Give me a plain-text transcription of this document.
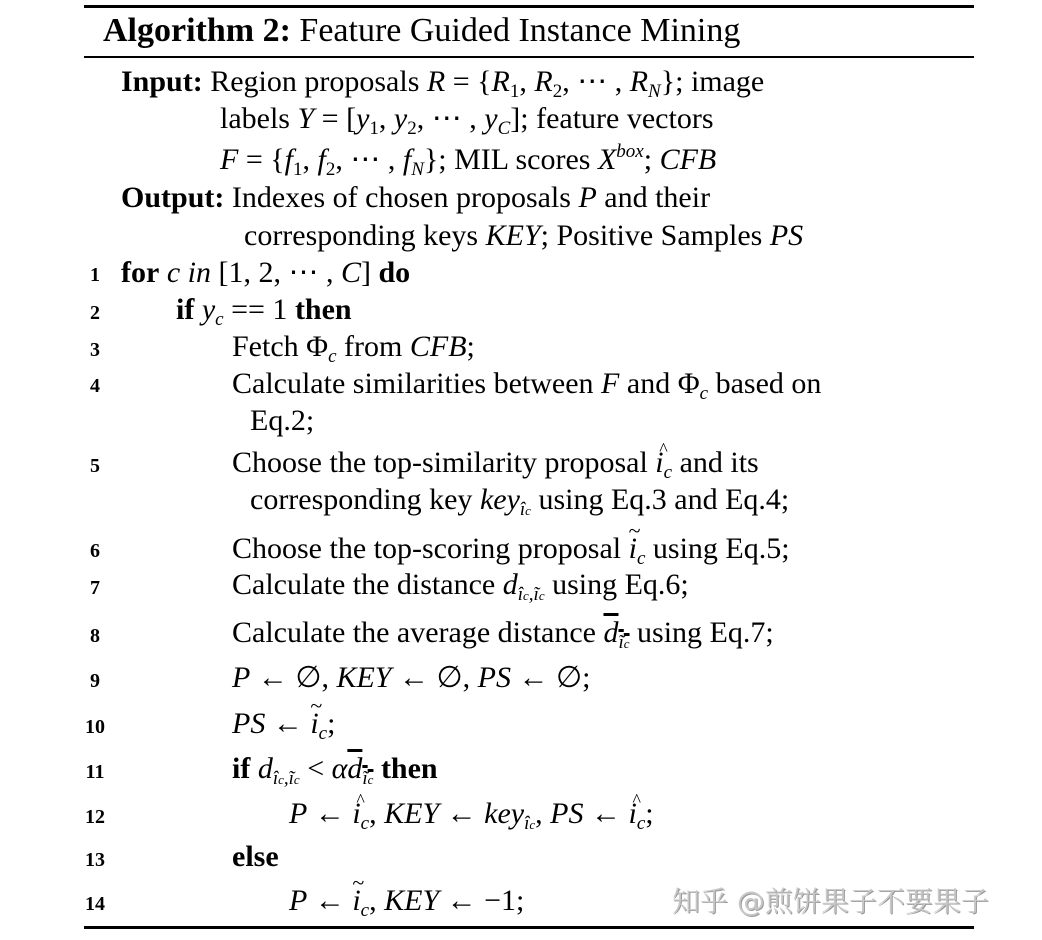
Algorithm 2: Feature Guided Instance Mining
Input: Region proposals $R = \{R_1$, $R_2$, ⋯ , $R_N$}; image
labels $Y = [y_1$, $y_2$, ⋯ , $y_C$]; feature vectors
$F = \{f_1$, $f_2$, ⋯ , $f_N$}; MIL scores $X^{box}$; CFB
Output: Indexes of chosen proposals P and their
corresponding keys KEY; Positive Samples PS
1 for c in [1, 2, ⋯ , C] do
2	if $y_c == 1$ then
3	Fetch $\Phi_c$ from CFB;
4	Calculate similarities between F and $\Phi_c$ based on
Eq.2;
5	Choose the top-similarity proposal ^ $i_c$ and its
corresponding key key$_{îc}$ using Eq.3 and Eq.4;
6	Choose the top-scoring proposal ~ $i_c$ using Eq.5;
7	Calculate the distance $d_{îc,ĩc}$ using Eq.6;
8	Calculate the average distance $d_{ĩc}$ using Eq.7;
9	P ← ∅, KEY ← ∅, PS ← ∅;
10	PS ← ~ $i_c$;
11	if $d_{îc,ĩc} < \alpha d_{ĩc}$ then
12	P ← ^ $i_c$, KEY ← key$_{îc}$, PS ← ^ $i_c$;
13	else
14	P ← ~ $i_c$, KEY ← −1;	知乎 @煎饼果子不要果子
